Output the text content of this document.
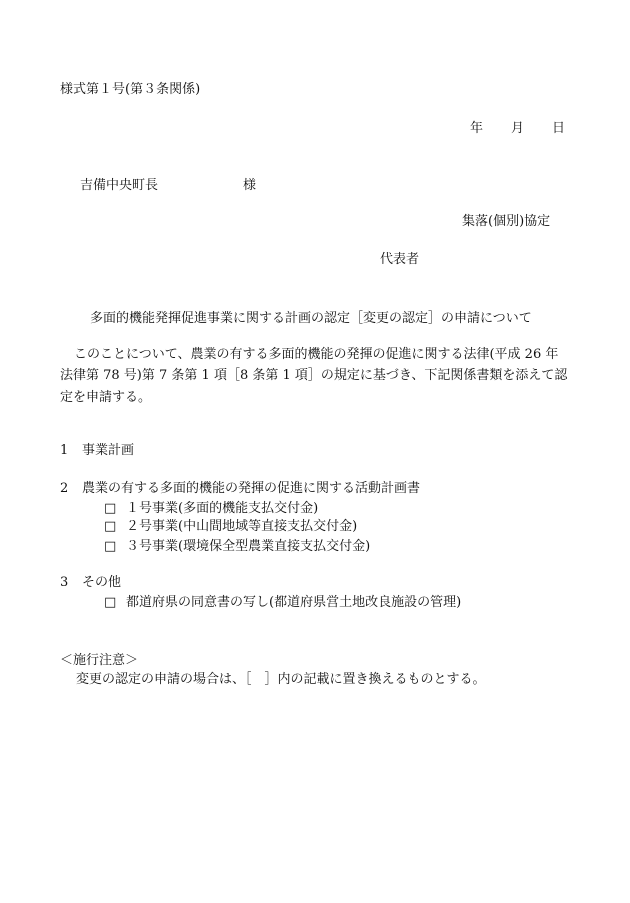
様式第１号(第３条関係)
年 月 日
吉備中央町長	様
集落(個別)協定
代表者
多面的機能発揮促進事業に関する計画の認定［変更の認定］の申請について
このことについて、農業の有する多面的機能の発揮の促進に関する法律(平成 26 年法律第 78 号)第 7 条第 1 項［8 条第 1 項］の規定に基づき、下記関係書類を添えて認定を申請する。
1 事業計画
2 農業の有する多面的機能の発揮の促進に関する活動計画書
□ １号事業(多面的機能支払交付金)
□ ２号事業(中山間地域等直接支払交付金)
□ ３号事業(環境保全型農業直接支払交付金)
3 その他
□ 都道府県の同意書の写し(都道府県営土地改良施設の管理)
＜施行注意＞
変更の認定の申請の場合は、［　］内の記載に置き換えるものとする。
